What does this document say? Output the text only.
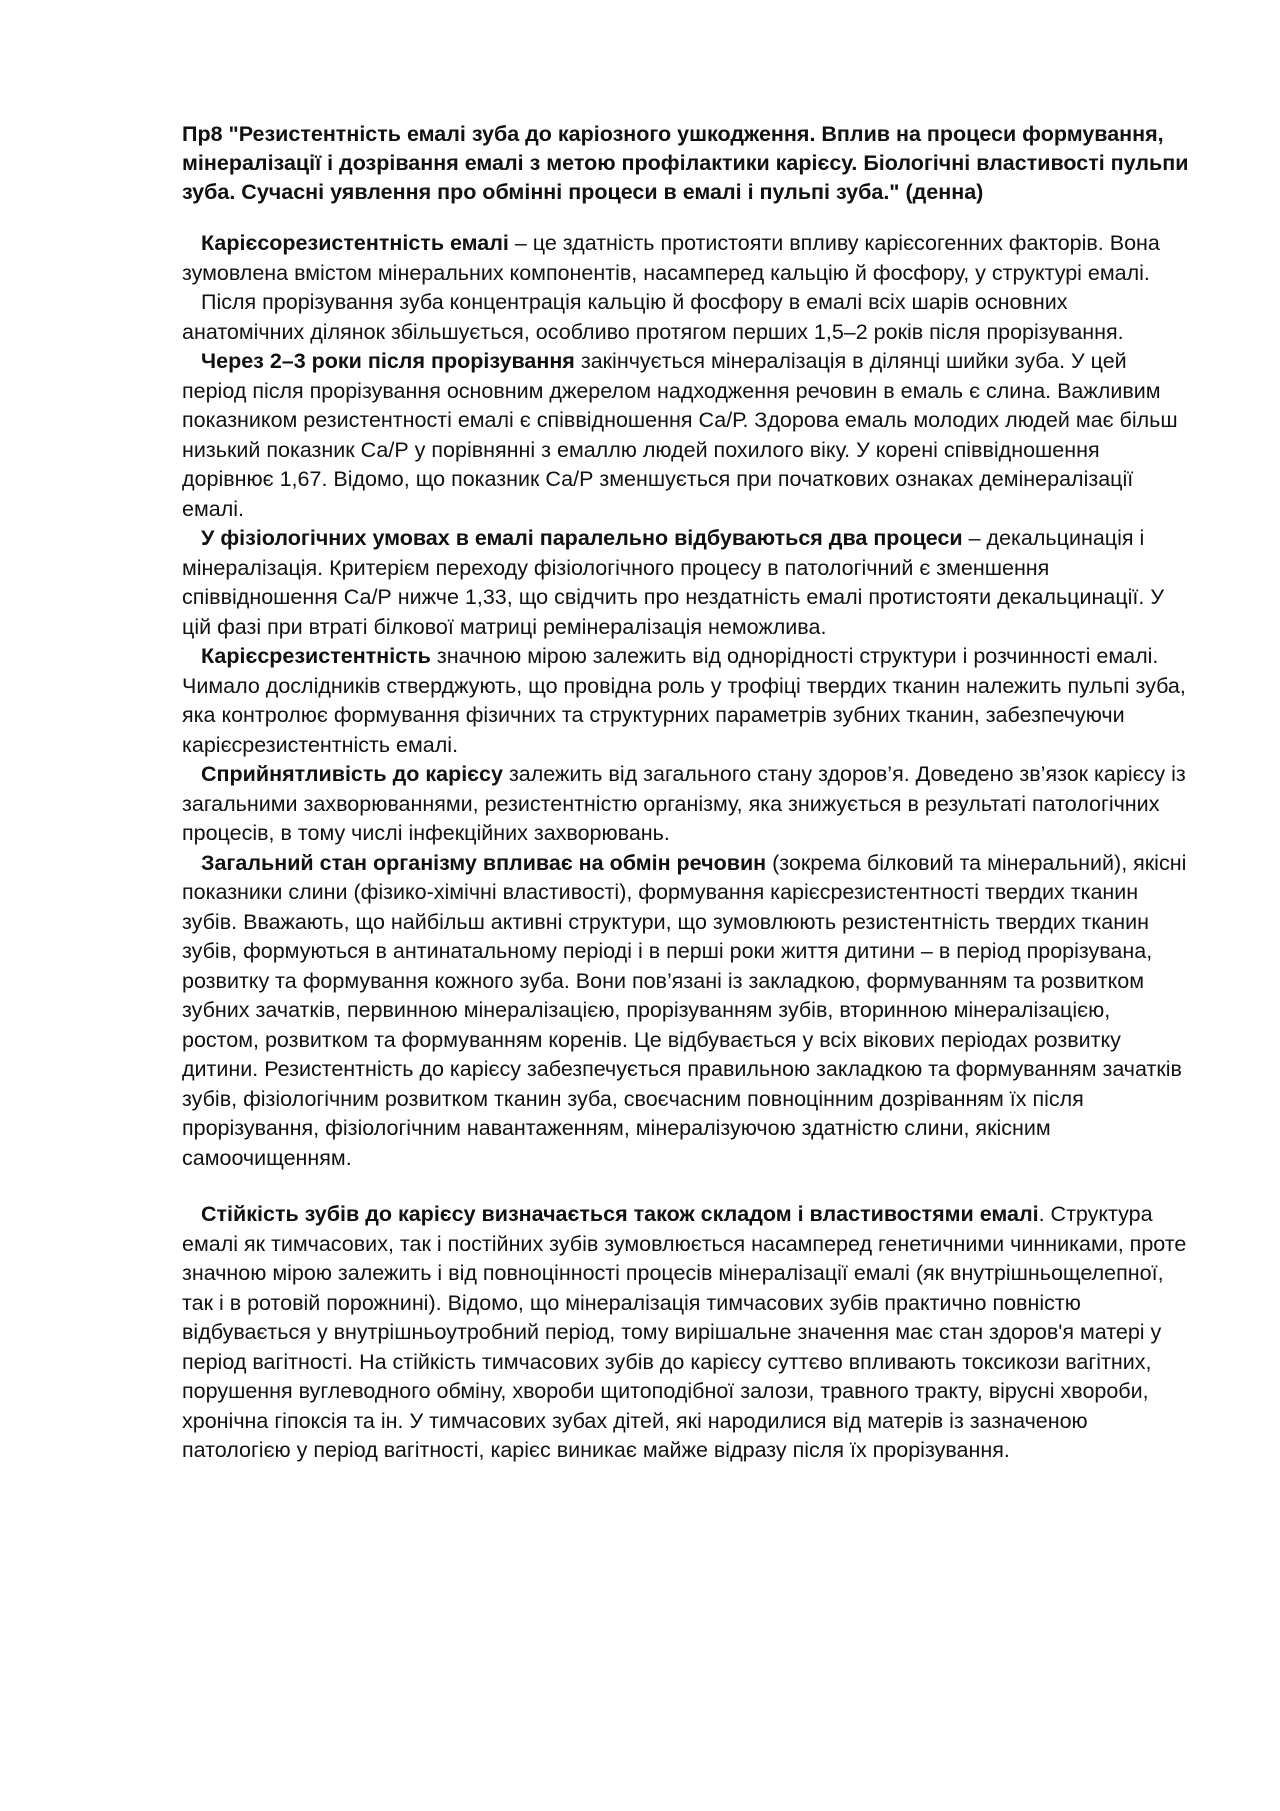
Пр8 "Резистентність емалі зуба до каріозного ушкодження. Вплив на процеси формування, мінералізації і дозрівання емалі з метою профілактики карієсу. Біологічні властивості пульпи зуба. Сучасні уявлення про обмінні процеси в емалі і пульпі зуба." (денна)

Карієсорезистентність емалі – це здатність протистояти впливу карієсогенних факторів. Вона зумовлена вмістом мінеральних компонентів, насамперед кальцію й фосфору, у структурі емалі.

Після прорізування зуба концентрація кальцію й фосфору в емалі всіх шарів основних анатомічних ділянок збільшується, особливо протягом перших 1,5–2 років після прорізування.

Через 2–3 роки після прорізування закінчується мінералізація в ділянці шийки зуба. У цей період після прорізування основним джерелом надходження речовин в емаль є слина. Важливим показником резистентності емалі є співвідношення Са/Р. Здорова емаль молодих людей має більш низький показник Са/Р у порівнянні з емаллю людей похилого віку. У корені співвідношення дорівнює 1,67. Відомо, що показник Са/Р зменшується при початкових ознаках демінералізації емалі.

У фізіологічних умовах в емалі паралельно відбуваються два процеси – декальцинація і мінералізація. Критерієм переходу фізіологічного процесу в патологічний є зменшення співвідношення Са/Р нижче 1,33, що свідчить про нездатність емалі протистояти декальцинації. У цій фазі при втраті білкової матриці ремінералізація неможлива.

Карієсрезистентність значною мірою залежить від однорідності структури і розчинності емалі. Чимало дослідників стверджують, що провідна роль у трофіці твердих тканин належить пульпі зуба, яка контролює формування фізичних та структурних параметрів зубних тканин, забезпечуючи карієсрезистентність емалі.

Сприйнятливість до карієсу залежить від загального стану здоров’я. Доведено зв’язок карієсу із загальними захворюваннями, резистентністю організму, яка знижується в результаті патологічних процесів, в тому числі інфекційних захворювань.

Загальний стан організму впливає на обмін речовин (зокрема білковий та мінеральний), якісні показники слини (фізико-хімічні властивості), формування карієсрезистентності твердих тканин зубів. Вважають, що найбільш активні структури, що зумовлюють резистентність твердих тканин зубів, формуються в антинатальному періоді і в перші роки життя дитини – в період прорізувана, розвитку та формування кожного зуба. Вони пов’язані із закладкою, формуванням та розвитком зубних зачатків, первинною мінералізацією, прорізуванням зубів, вторинною мінералізацією, ростом, розвитком та формуванням коренів. Це відбувається у всіх вікових періодах розвитку дитини. Резистентність до карієсу забезпечується правильною закладкою та формуванням зачатків зубів, фізіологічним розвитком тканин зуба, своєчасним повноцінним дозріванням їх після прорізування, фізіологічним навантаженням, мінералізуючою здатністю слини, якісним самоочищенням.

Стійкість зубів до карієсу визначається також складом і властивостями емалі. Структура емалі як тимчасових, так і постійних зубів зумовлюється насамперед генетичними чинниками, проте значною мірою залежить і від повноцінності процесів мінералізації емалі (як внутрішньощелепної, так і в ротовій порожнині). Відомо, що мінералізація тимчасових зубів практично повністю відбувається у внутрішньоутробний період, тому вирішальне значення має стан здоров'я матері у період вагітності. На стійкість тимчасових зубів до карієсу суттєво впливають токсикози вагітних, порушення вуглеводного обміну, хвороби щитоподібної залози, травного тракту, вірусні хвороби, хронічна гіпоксія та ін. У тимчасових зубах дітей, які народилися від матерів із зазначеною патологією у період вагітності, карієс виникає майже відразу після їх прорізування.
